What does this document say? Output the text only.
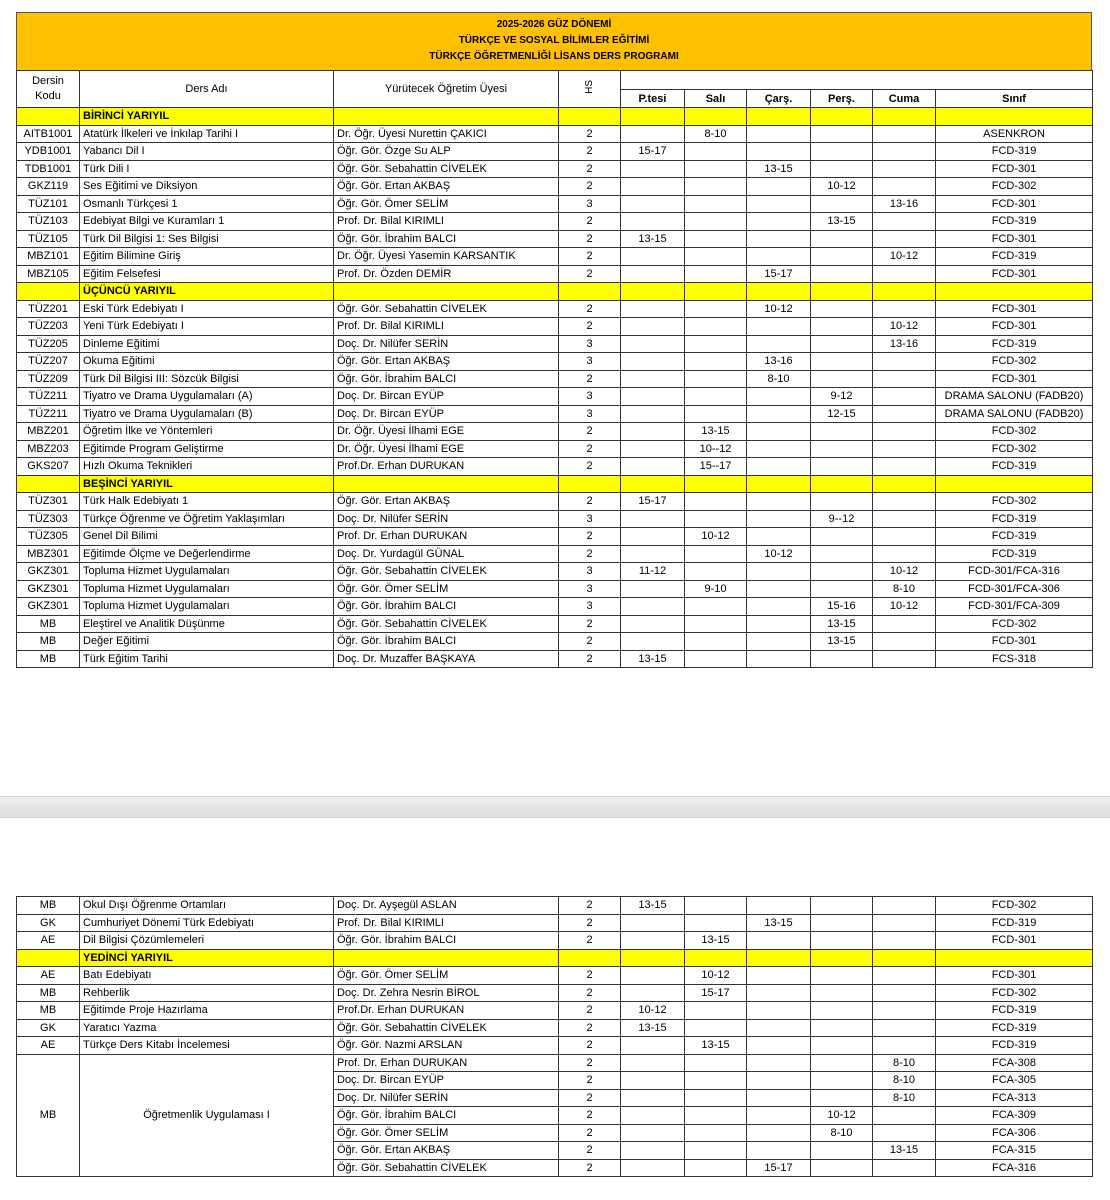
2025-2026 GÜZ DÖNEMİ
TÜRKÇE VE SOSYAL BİLİMLER EĞİTİMİ
TÜRKÇE ÖĞRETMENLİĞİ LİSANS DERS PROGRAMI
Dersin Kodu	Ders Adı	Yürütecek Öğretim Üyesi	HS						
				P.tesi	Salı	Çarş.	Perş.	Cuma	Sınıf
	BİRİNCİ YARIYIL								
AITB1001	Atatürk İlkeleri ve İnkılap Tarihi I	Dr. Öğr. Üyesi Nurettin ÇAKICI	2		8-10				ASENKRON
YDB1001	Yabancı Dil I	Öğr. Gör. Özge Su ALP	2	15-17					FCD-319
TDB1001	Türk Dili I	Öğr. Gör. Sebahattin CİVELEK	2			13-15			FCD-301
GKZ119	Ses Eğitimi ve Diksiyon	Öğr. Gör. Ertan AKBAŞ	2				10-12		FCD-302
TÜZ101	Osmanlı Türkçesi 1	Öğr. Gör. Ömer SELİM	3					13-16	FCD-301
TÜZ103	Edebiyat Bilgi ve Kuramları 1	Prof. Dr. Bilal KIRIMLI	2				13-15		FCD-319
TÜZ105	Türk Dil Bilgisi 1: Ses Bilgisi	Öğr. Gör. İbrahim BALCI	2	13-15					FCD-301
MBZ101	Eğitim Bilimine Giriş	Dr. Öğr. Üyesi Yasemin KARSANTIK	2					10-12	FCD-319
MBZ105	Eğitim Felsefesi	Prof. Dr. Özden DEMİR	2			15-17			FCD-301
	ÜÇÜNCÜ YARIYIL								
TÜZ201	Eski Türk Edebiyatı I	Öğr. Gör. Sebahattin CİVELEK	2			10-12			FCD-301
TÜZ203	Yeni Türk Edebiyatı I	Prof. Dr. Bilal KIRIMLI	2					10-12	FCD-301
TÜZ205	Dinleme Eğitimi	Doç. Dr. Nilüfer SERİN	3					13-16	FCD-319
TÜZ207	Okuma Eğitimi	Öğr. Gör. Ertan AKBAŞ	3			13-16			FCD-302
TÜZ209	Türk Dil Bilgisi III: Sözcük Bilgisi	Öğr. Gör. İbrahim BALCI	2			8-10			FCD-301
TÜZ211	Tiyatro ve Drama Uygulamaları (A)	Doç. Dr. Bircan EYÜP	3				9-12		DRAMA SALONU (FADB20)
TÜZ211	Tiyatro ve Drama Uygulamaları (B)	Doç. Dr. Bircan EYÜP	3				12-15		DRAMA SALONU (FADB20)
MBZ201	Öğretim İlke ve Yöntemleri	Dr. Öğr. Üyesi İlhami EGE	2		13-15				FCD-302
MBZ203	Eğitimde Program Geliştirme	Dr. Öğr. Üyesi İlhami EGE	2		10--12				FCD-302
GKS207	Hızlı Okuma Teknikleri	Prof.Dr. Erhan DURUKAN	2		15--17				FCD-319
	BEŞİNCİ YARIYIL								
TÜZ301	Türk Halk Edebiyatı 1	Öğr. Gör. Ertan AKBAŞ	2	15-17					FCD-302
TÜZ303	Türkçe Öğrenme ve Öğretim Yaklaşımları	Doç. Dr. Nilüfer SERİN	3				9--12		FCD-319
TÜZ305	Genel Dil Bilimi	Prof. Dr. Erhan DURUKAN	2		10-12				FCD-319
MBZ301	Eğitimde Ölçme ve Değerlendirme	Doç. Dr. Yurdagül GÜNAL	2			10-12			FCD-319
GKZ301	Topluma Hizmet Uygulamaları	Öğr. Gör. Sebahattin CİVELEK	3	11-12				10-12	FCD-301/FCA-316
GKZ301	Topluma Hizmet Uygulamaları	Öğr. Gör. Ömer SELİM	3		9-10			8-10	FCD-301/FCA-306
GKZ301	Topluma Hizmet Uygulamaları	Öğr. Gör. İbrahim BALCI	3				15-16	10-12	FCD-301/FCA-309
MB	Eleştirel ve Analitik Düşünme	Öğr. Gör. Sebahattin CİVELEK	2				13-15		FCD-302
MB	Değer Eğitimi	Öğr. Gör. İbrahim BALCI	2				13-15		FCD-301
MB	Türk Eğitim Tarihi	Doç. Dr. Muzaffer BAŞKAYA	2	13-15					FCS-318
MB	Okul Dışı Öğrenme Ortamları	Doç. Dr. Ayşegül ASLAN	2	13-15					FCD-302
GK	Cumhuriyet Dönemi Türk Edebiyatı	Prof. Dr. Bilal KIRIMLI	2			13-15			FCD-319
AE	Dil Bilgisi Çözümlemeleri	Öğr. Gör. İbrahim BALCI	2		13-15				FCD-301
	YEDİNCİ YARIYIL								
AE	Batı Edebiyatı	Öğr. Gör. Ömer SELİM	2		10-12				FCD-301
MB	Rehberlik	Doç. Dr. Zehra Nesrin BİROL	2		15-17				FCD-302
MB	Eğitimde Proje Hazırlama	Prof.Dr. Erhan DURUKAN	2	10-12					FCD-319
GK	Yaratıcı Yazma	Öğr. Gör. Sebahattin CİVELEK	2	13-15					FCD-319
AE	Türkçe Ders Kitabı İncelemesi	Öğr. Gör. Nazmi ARSLAN	2		13-15				FCD-319
MB	Öğretmenlik Uygulaması I	Prof. Dr. Erhan DURUKAN	2					8-10	FCA-308
		Doç. Dr. Bircan EYÜP	2					8-10	FCA-305
		Doç. Dr. Nilüfer SERİN	2					8-10	FCA-313
		Öğr. Gör. İbrahim BALCI	2				10-12		FCA-309
		Öğr. Gör. Ömer SELİM	2				8-10		FCA-306
		Öğr. Gör. Ertan AKBAŞ	2					13-15	FCA-315
		Öğr. Gör. Sebahattin CİVELEK	2			15-17			FCA-316
